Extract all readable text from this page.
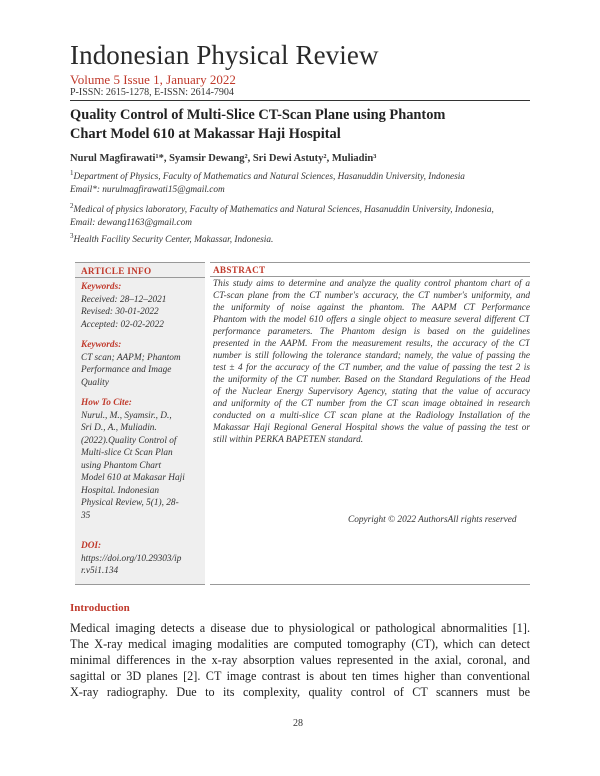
Indonesian Physical Review
Volume 5 Issue 1, January 2022
P-ISSN: 2615-1278, E-ISSN: 2614-7904
Quality Control of Multi-Slice CT-Scan Plane using Phantom
Chart Model 610 at Makassar Haji Hospital
Nurul Magfirawati¹*, Syamsir Dewang², Sri Dewi Astuty², Muliadin³
$^1$Department of Physics, Faculty of Mathematics and Natural Sciences, Hasanuddin University, Indonesia
Email*: nurulmagfirawati15@gmail.com
$^2$Medical of physics laboratory, Faculty of Mathematics and Natural Sciences, Hasanuddin University, Indonesia,
Email: dewang1163@gmail.com
$^3$Health Facility Security Center, Makassar, Indonesia.
ARTICLE INFO
Keywords:
Received: 28–12–2021
Revised: 30-01-2022
Accepted: 02-02-2022
Keywords:
CT scan; AAPM; Phantom
Performance and Image
Quality
How To Cite:
Nurul., M., Syamsir., D.,
Sri D., A., Muliadin.
(2022).Quality Control of
Multi-slice Ct Scan Plan
using Phantom Chart
Model 610 at Makasar Haji
Hospital. Indonesian
Physical Review, 5(1), 28-
35
DOI:
https://doi.org/10.29303/ip
r.v5i1.134
ABSTRACT
This study aims to determine and analyze the quality control phantom chart of a
CT-scan plane from the CT number's accuracy, the CT number's uniformity, and
the uniformity of noise against the phantom. The AAPM CT Performance
Phantom with the model 610 offers a single object to measure several different CT
performance parameters. The Phantom design is based on the guidelines
presented in the AAPM. From the measurement results, the accuracy of the CT
number is still following the tolerance standard; namely, the value of passing the
test ± 4 for the accuracy of the CT number, and the value of passing the test 2 is
the uniformity of the CT number. Based on the Standard Regulations of the Head
of the Nuclear Energy Supervisory Agency, stating that the value of accuracy
and uniformity of the CT number from the CT scan image obtained in research
conducted on a multi-slice CT scan plane at the Radiology Installation of the
Makassar Haji Regional General Hospital shows the value of passing the test or
still within PERKA BAPETEN standard.
Copyright © 2022 AuthorsAll rights reserved
Introduction
Medical imaging detects a disease due to physiological or pathological abnormalities [1].
The X-ray medical imaging modalities are computed tomography (CT), which can detect
minimal differences in the x-ray absorption values represented in the axial, coronal, and
sagittal or 3D planes [2]. CT image contrast is about ten times higher than conventional
X-ray radiography. Due to its complexity, quality control of CT scanners must be
28
